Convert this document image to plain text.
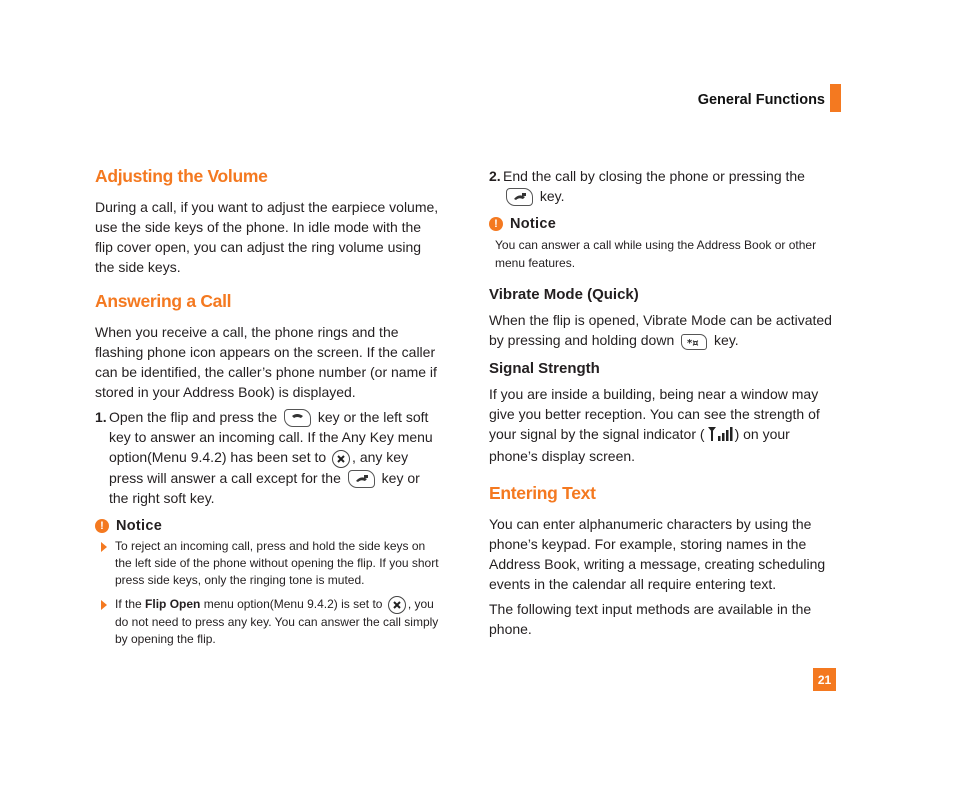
General Functions
Adjusting the Volume

During a call, if you want to adjust the earpiece volume, use the side keys of the phone. In idle mode with the flip cover open, you can adjust the ring volume using the side keys.

Answering a Call

When you receive a call, the phone rings and the flashing phone icon appears on the screen. If the caller can be identified, the caller’s phone number (or name if stored in your Address Book) is displayed.

1. Open the flip and press the	key or the left soft key to answer an incoming call. If the Any Key menu option(Menu 9.4.2) has been set to , any key press will answer a call except for the	key or the right soft key.
! Notice
To reject an incoming call, press and hold the side keys on the left side of the phone without opening the flip. If you short press side keys, only the ringing tone is muted.
If the Flip Open menu option(Menu 9.4.2) is set to , you do not need to press any key. You can answer the call simply by opening the flip.
2. End the call by closing the phone or pressing the
key.
! Notice
You can answer a call while using the Address Book or other menu features.
Vibrate Mode (Quick)

When the flip is opened, Vibrate Mode can be activated by pressing and holding down *¤ key.

Signal Strength

If you are inside a building, being near a window may give you better reception. You can see the strength of your signal by the signal indicator ( ) on your phone’s display screen.

Entering Text

You can enter alphanumeric characters by using the phone’s keypad. For example, storing names in the Address Book, writing a message, creating scheduling events in the calendar all require entering text.

The following text input methods are available in the phone.

21
